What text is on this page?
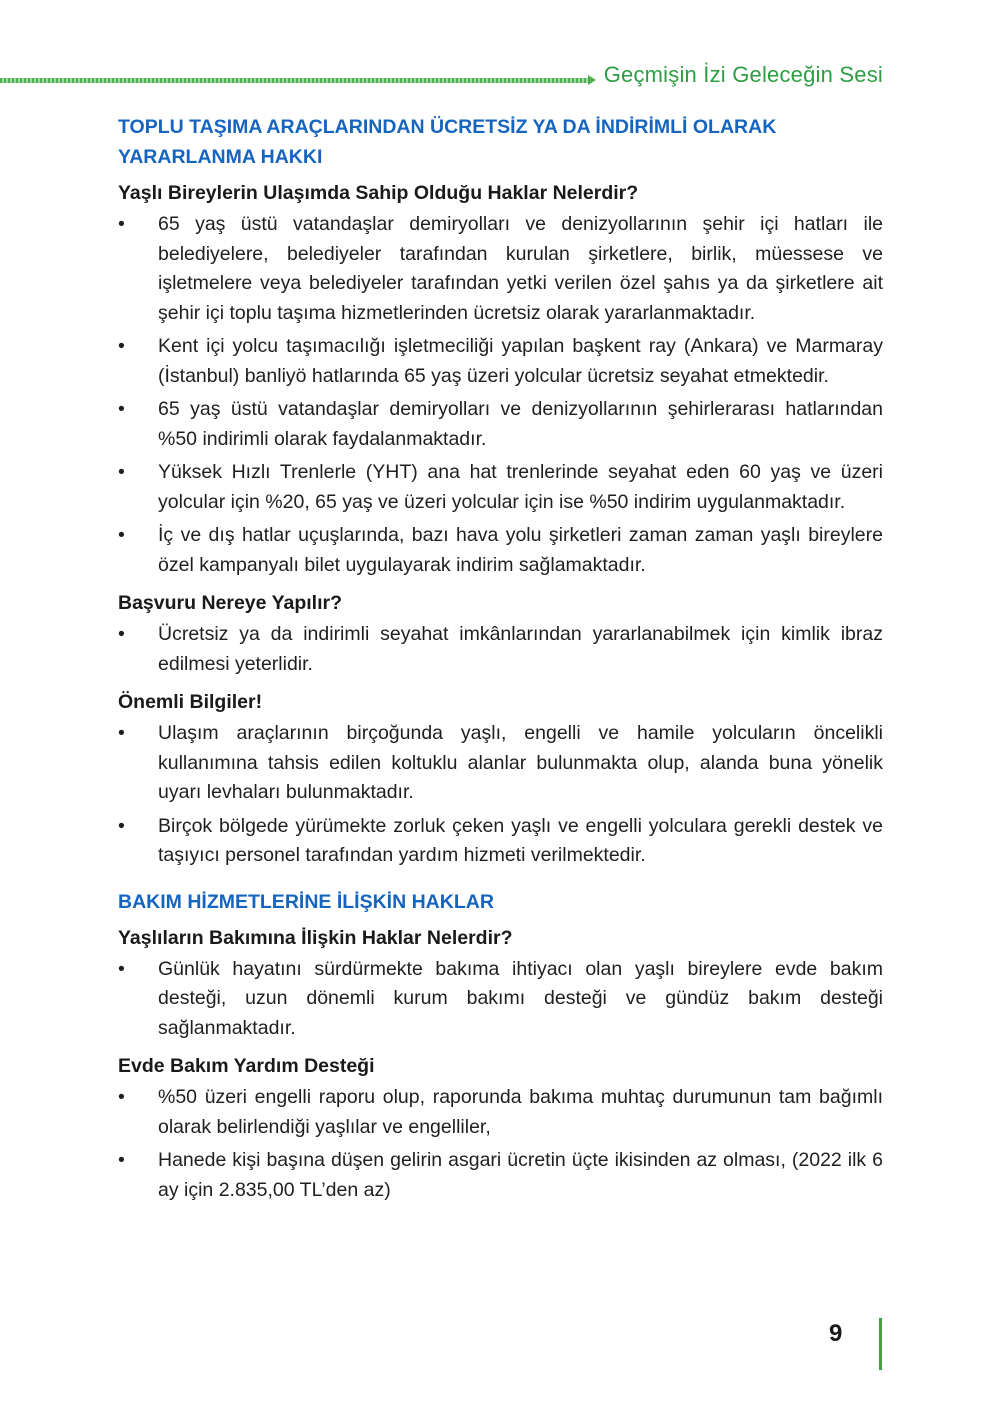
Geçmişin İzi Geleceğin Sesi
TOPLU TAŞIMA ARAÇLARINDAN ÜCRETSİZ YA DA İNDİRİMLİ OLARAK YARARLANMA HAKKI
Yaşlı Bireylerin Ulaşımda Sahip Olduğu Haklar Nelerdir?
• 65 yaş üstü vatandaşlar demiryolları ve denizyollarının şehir içi hatları ile belediyelere, belediyeler tarafından kurulan şirketlere, birlik, müessese ve işletmelere veya belediyeler tarafından yetki verilen özel şahıs ya da şirketlere ait şehir içi toplu taşıma hizmetlerinden ücretsiz olarak yararlanmaktadır.
• Kent içi yolcu taşımacılığı işletmeciliği yapılan başkent ray (Ankara) ve Marmaray (İstanbul) banliyö hatlarında 65 yaş üzeri yolcular ücretsiz seyahat etmektedir.
• 65 yaş üstü vatandaşlar demiryolları ve denizyollarının şehirlerarası hatlarından %50 indirimli olarak faydalanmaktadır.
• Yüksek Hızlı Trenlerle (YHT) ana hat trenlerinde seyahat eden 60 yaş ve üzeri yolcular için %20, 65 yaş ve üzeri yolcular için ise %50 indirim uygulanmaktadır.
• İç ve dış hatlar uçuşlarında, bazı hava yolu şirketleri zaman zaman yaşlı bireylere özel kampanyalı bilet uygulayarak indirim sağlamaktadır.
Başvuru Nereye Yapılır?
• Ücretsiz ya da indirimli seyahat imkânlarından yararlanabilmek için kimlik ibraz edilmesi yeterlidir.
Önemli Bilgiler!
• Ulaşım araçlarının birçoğunda yaşlı, engelli ve hamile yolcuların öncelikli kullanımına tahsis edilen koltuklu alanlar bulunmakta olup, alanda buna yönelik uyarı levhaları bulunmaktadır.
• Birçok bölgede yürümekte zorluk çeken yaşlı ve engelli yolculara gerekli destek ve taşıyıcı personel tarafından yardım hizmeti verilmektedir.
BAKIM HİZMETLERİNE İLİŞKİN HAKLAR
Yaşlıların Bakımına İlişkin Haklar Nelerdir?
• Günlük hayatını sürdürmekte bakıma ihtiyacı olan yaşlı bireylere evde bakım desteği, uzun dönemli kurum bakımı desteği ve gündüz bakım desteği sağlanmaktadır.
Evde Bakım Yardım Desteği
• %50 üzeri engelli raporu olup, raporunda bakıma muhtaç durumunun tam bağımlı olarak belirlendiği yaşlılar ve engelliler,
• Hanede kişi başına düşen gelirin asgari ücretin üçte ikisinden az olması, (2022 ilk 6 ay için 2.835,00 TL’den az)
9
